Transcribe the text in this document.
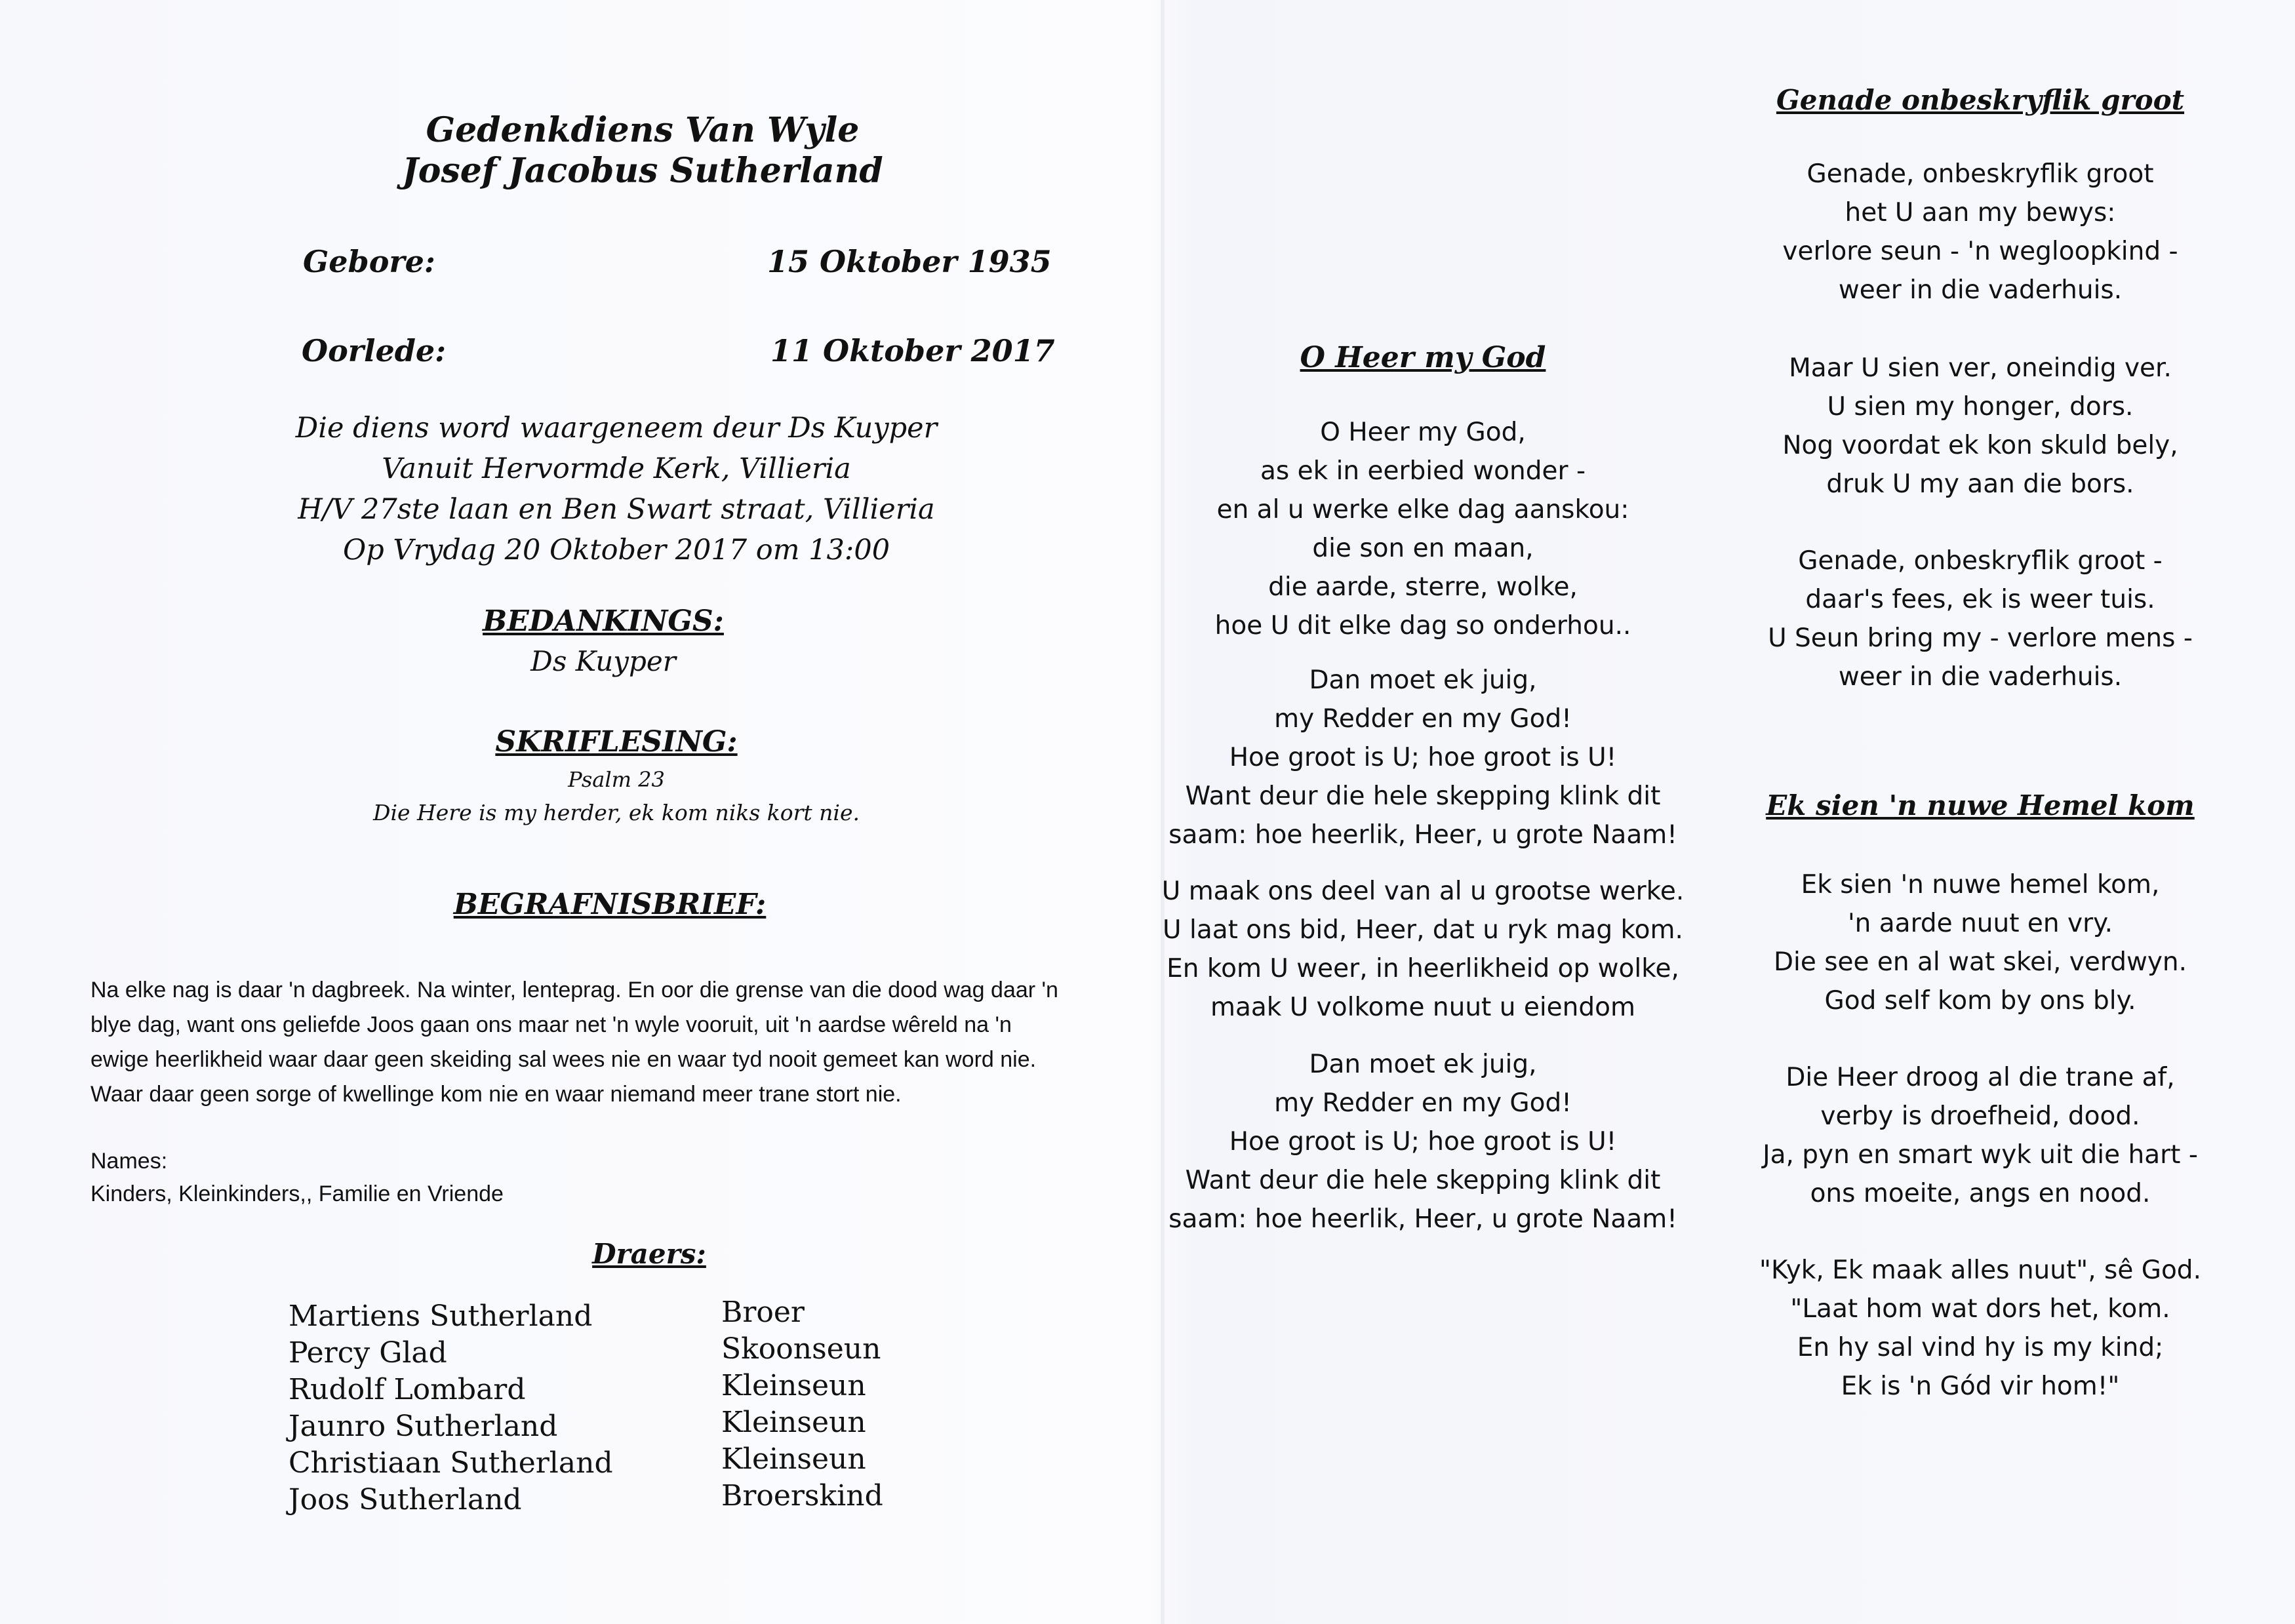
Gedenkdiens Van Wyle
Josef Jacobus Sutherland
Gebore:	15 Oktober 1935
Oorlede:	11 Oktober 2017
Die diens word waargeneem deur Ds Kuyper
Vanuit Hervormde Kerk, Villieria
H/V 27ste laan en Ben Swart straat, Villieria
Op Vrydag 20 Oktober 2017 om 13:00
BEDANKINGS:
Ds Kuyper
SKRIFLESING:
Psalm 23
Die Here is my herder, ek kom niks kort nie.
BEGRAFNISBRIEF:
Na elke nag is daar 'n dagbreek. Na winter, lenteprag. En oor die grense van die dood wag daar 'n
blye dag, want ons geliefde Joos gaan ons maar net 'n wyle vooruit, uit 'n aardse wêreld na 'n
ewige heerlikheid waar daar geen skeiding sal wees nie en waar tyd nooit gemeet kan word nie.
Waar daar geen sorge of kwellinge kom nie en waar niemand meer trane stort nie.
Names:
Kinders, Kleinkinders,, Familie en Vriende
Draers:
Martiens Sutherland	Broer
Percy Glad	Skoonseun
Rudolf Lombard	Kleinseun
Jaunro Sutherland	Kleinseun
Christiaan Sutherland	Kleinseun
Joos Sutherland	Broerskind
O Heer my God
O Heer my God,
as ek in eerbied wonder -
en al u werke elke dag aanskou:
die son en maan,
die aarde, sterre, wolke,
hoe U dit elke dag so onderhou..
Dan moet ek juig,
my Redder en my God!
Hoe groot is U; hoe groot is U!
Want deur die hele skepping klink dit
saam: hoe heerlik, Heer, u grote Naam!
U maak ons deel van al u grootse werke.
U laat ons bid, Heer, dat u ryk mag kom.
En kom U weer, in heerlikheid op wolke,
maak U volkome nuut u eiendom
Dan moet ek juig,
my Redder en my God!
Hoe groot is U; hoe groot is U!
Want deur die hele skepping klink dit
saam: hoe heerlik, Heer, u grote Naam!
Genade onbeskryflik groot
Genade, onbeskryflik groot
het U aan my bewys:
verlore seun - 'n wegloopkind -
weer in die vaderhuis.
Maar U sien ver, oneindig ver.
U sien my honger, dors.
Nog voordat ek kon skuld bely,
druk U my aan die bors.
Genade, onbeskryflik groot -
daar's fees, ek is weer tuis.
U Seun bring my - verlore mens -
weer in die vaderhuis.
Ek sien 'n nuwe Hemel kom
Ek sien 'n nuwe hemel kom,
'n aarde nuut en vry.
Die see en al wat skei, verdwyn.
God self kom by ons bly.
Die Heer droog al die trane af,
verby is droefheid, dood.
Ja, pyn en smart wyk uit die hart -
ons moeite, angs en nood.
"Kyk, Ek maak alles nuut", sê God.
"Laat hom wat dors het, kom.
En hy sal vind hy is my kind;
Ek is 'n Gód vir hom!"
